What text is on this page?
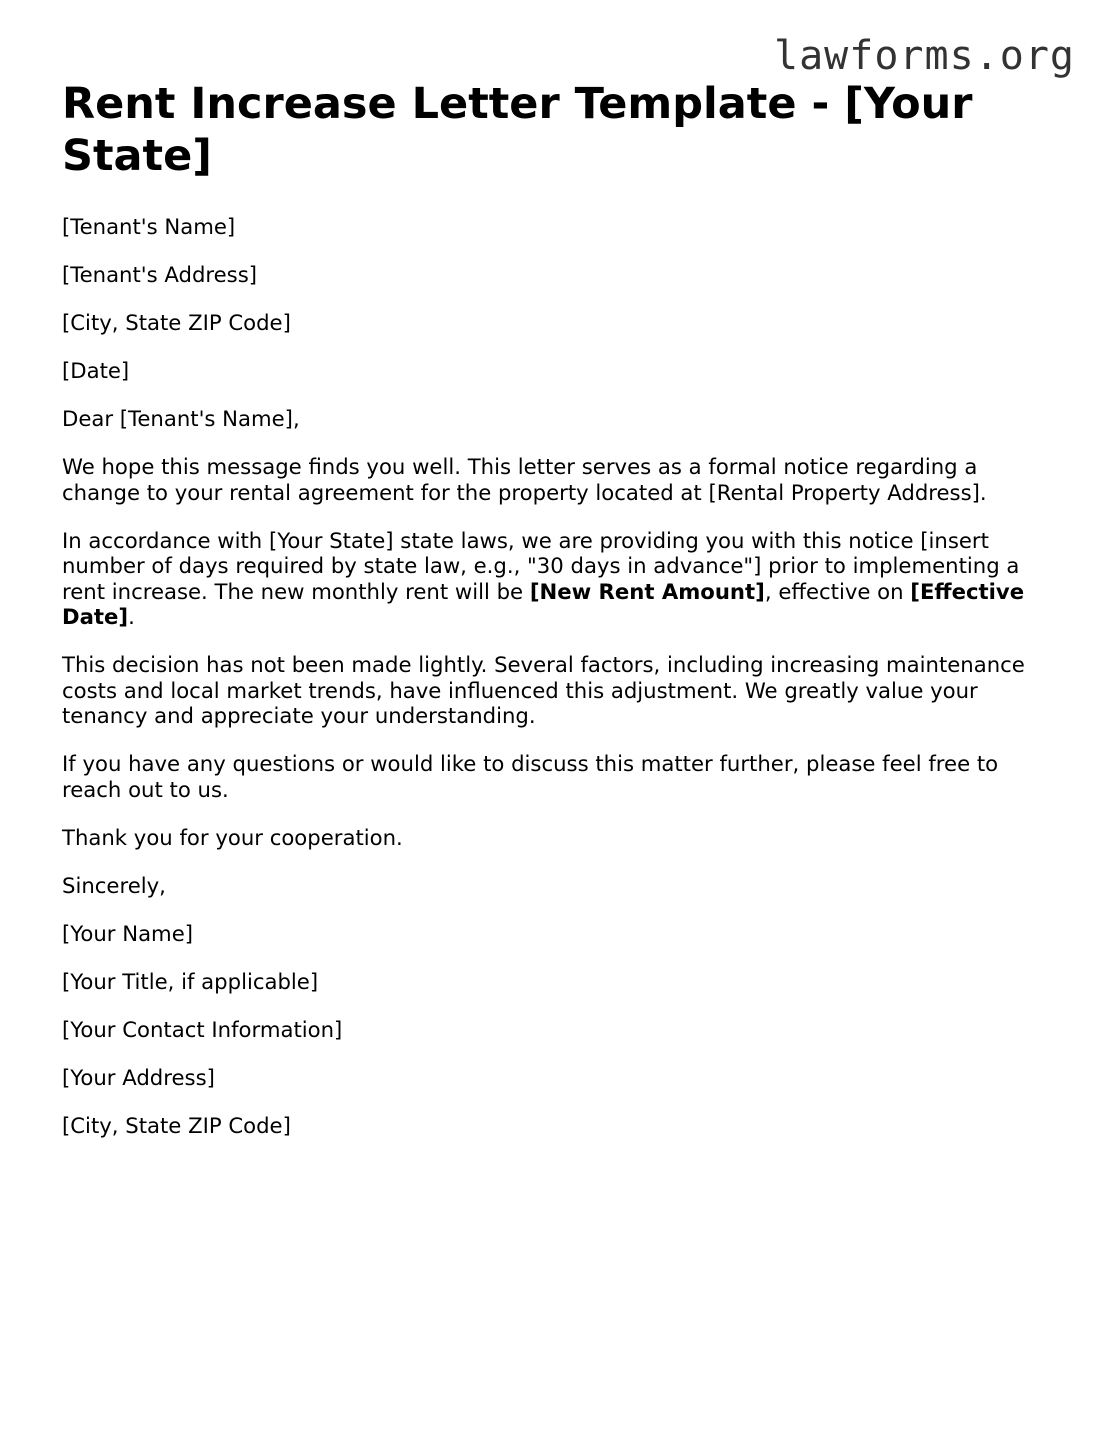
lawforms.org
Rent Increase Letter Template - [Your State]

[Tenant's Name]

[Tenant's Address]

[City, State ZIP Code]

[Date]

Dear [Tenant's Name],

We hope this message finds you well. This letter serves as a formal notice regarding a change to your rental agreement for the property located at [Rental Property Address].

In accordance with [Your State] state laws, we are providing you with this notice [insert number of days required by state law, e.g., "30 days in advance"] prior to implementing a rent increase. The new monthly rent will be [New Rent Amount], effective on [Effective Date].

This decision has not been made lightly. Several factors, including increasing maintenance costs and local market trends, have influenced this adjustment. We greatly value your tenancy and appreciate your understanding.

If you have any questions or would like to discuss this matter further, please feel free to reach out to us.

Thank you for your cooperation.

Sincerely,

[Your Name]

[Your Title, if applicable]

[Your Contact Information]

[Your Address]

[City, State ZIP Code]
